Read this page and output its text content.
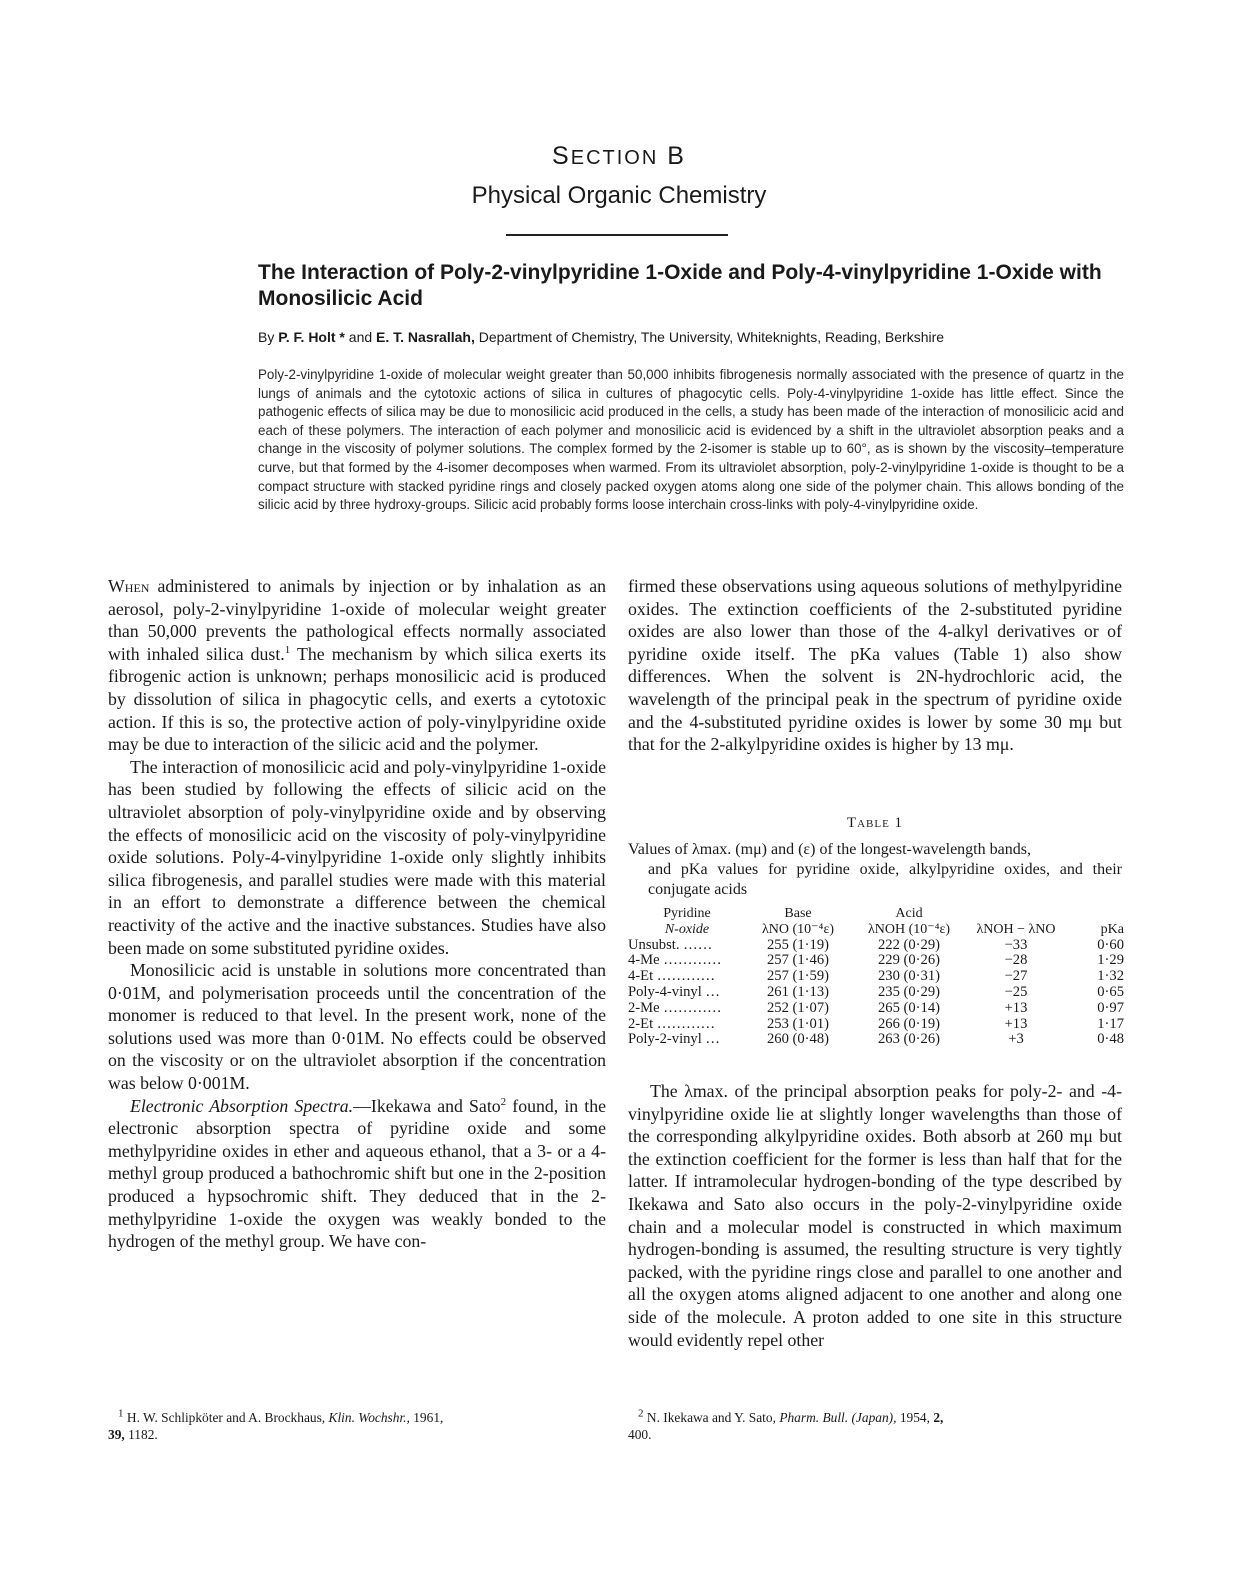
SECTION B
Physical Organic Chemistry
The Interaction of Poly-2-vinylpyridine 1-Oxide and Poly-4-vinylpyridine 1-Oxide with Monosilicic Acid
By P. F. Holt * and E. T. Nasrallah, Department of Chemistry, The University, Whiteknights, Reading, Berkshire
Poly-2-vinylpyridine 1-oxide of molecular weight greater than 50,000 inhibits fibrogenesis normally associated with the presence of quartz in the lungs of animals and the cytotoxic actions of silica in cultures of phagocytic cells. Poly-4-vinylpyridine 1-oxide has little effect. Since the pathogenic effects of silica may be due to monosilicic acid produced in the cells, a study has been made of the interaction of monosilicic acid and each of these polymers. The interaction of each polymer and monosilicic acid is evidenced by a shift in the ultraviolet absorption peaks and a change in the viscosity of polymer solutions. The complex formed by the 2-isomer is stable up to 60°, as is shown by the viscosity–temperature curve, but that formed by the 4-isomer decomposes when warmed. From its ultraviolet absorption, poly-2-vinylpyridine 1-oxide is thought to be a compact structure with stacked pyridine rings and closely packed oxygen atoms along one side of the polymer chain. This allows bonding of the silicic acid by three hydroxy-groups. Silicic acid probably forms loose interchain cross-links with poly-4-vinylpyridine oxide.

When administered to animals by injection or by inhalation as an aerosol, poly-2-vinylpyridine 1-oxide of molecular weight greater than 50,000 prevents the pathological effects normally associated with inhaled silica dust.$^1$ The mechanism by which silica exerts its fibrogenic action is unknown; perhaps monosilicic acid is produced by dissolution of silica in phagocytic cells, and exerts a cytotoxic action. If this is so, the protective action of poly-vinylpyridine oxide may be due to interaction of the silicic acid and the polymer.

The interaction of monosilicic acid and poly-vinylpyridine 1-oxide has been studied by following the effects of silicic acid on the ultraviolet absorption of poly-vinylpyridine oxide and by observing the effects of monosilicic acid on the viscosity of poly-vinylpyridine oxide solutions. Poly-4-vinylpyridine 1-oxide only slightly inhibits silica fibrogenesis, and parallel studies were made with this material in an effort to demonstrate a difference between the chemical reactivity of the active and the inactive substances. Studies have also been made on some substituted pyridine oxides.

Monosilicic acid is unstable in solutions more concentrated than 0·01M, and polymerisation proceeds until the concentration of the monomer is reduced to that level. In the present work, none of the solutions used was more than 0·01M. No effects could be observed on the viscosity or on the ultraviolet absorption if the concentration was below 0·001M.

Electronic Absorption Spectra.—Ikekawa and Sato$^2$ found, in the electronic absorption spectra of pyridine oxide and some methylpyridine oxides in ether and aqueous ethanol, that a 3- or a 4-methyl group produced a bathochromic shift but one in the 2-position produced a hypsochromic shift. They deduced that in the 2-methylpyridine 1-oxide the oxygen was weakly bonded to the hydrogen of the methyl group. We have con-

firmed these observations using aqueous solutions of methylpyridine oxides. The extinction coefficients of the 2-substituted pyridine oxides are also lower than those of the 4-alkyl derivatives or of pyridine oxide itself. The pKa values (Table 1) also show differences. When the solvent is 2N-hydrochloric acid, the wavelength of the principal peak in the spectrum of pyridine oxide and the 4-substituted pyridine oxides is lower by some 30 mμ but that for the 2-alkylpyridine oxides is higher by 13 mμ.

Table 1
Values of λmax. (mμ) and (ε) of the longest-wavelength bands,
and pKa values for pyridine oxide, alkylpyridine oxides, and their conjugate acids
Pyridine	Base	Acid		
N-oxide	λNO (10⁻⁴ε)	λNOH (10⁻⁴ε)	λNOH − λNO	pKa
Unsubst. ……	255 (1·19)	222 (0·29)	−33	0·60
4-Me …………	257 (1·46)	229 (0·26)	−28	1·29
4-Et …………	257 (1·59)	230 (0·31)	−27	1·32
Poly-4-vinyl …	261 (1·13)	235 (0·29)	−25	0·65
2-Me …………	252 (1·07)	265 (0·14)	+13	0·97
2-Et …………	253 (1·01)	266 (0·19)	+13	1·17
Poly-2-vinyl …	260 (0·48)	263 (0·26)	+3	0·48

The λmax. of the principal absorption peaks for poly-2- and -4-vinylpyridine oxide lie at slightly longer wavelengths than those of the corresponding alkylpyridine oxides. Both absorb at 260 mμ but the extinction coefficient for the former is less than half that for the latter. If intramolecular hydrogen-bonding of the type described by Ikekawa and Sato also occurs in the poly-2-vinylpyridine oxide chain and a molecular model is constructed in which maximum hydrogen-bonding is assumed, the resulting structure is very tightly packed, with the pyridine rings close and parallel to one another and all the oxygen atoms aligned adjacent to one another and along one side of the molecule. A proton added to one site in this structure would evidently repel other

$^1$ H. W. Schlipköter and A. Brockhaus, Klin. Wochshr., 1961,
39, 1182.
$^2$ N. Ikekawa and Y. Sato, Pharm. Bull. (Japan), 1954, 2,
400.
